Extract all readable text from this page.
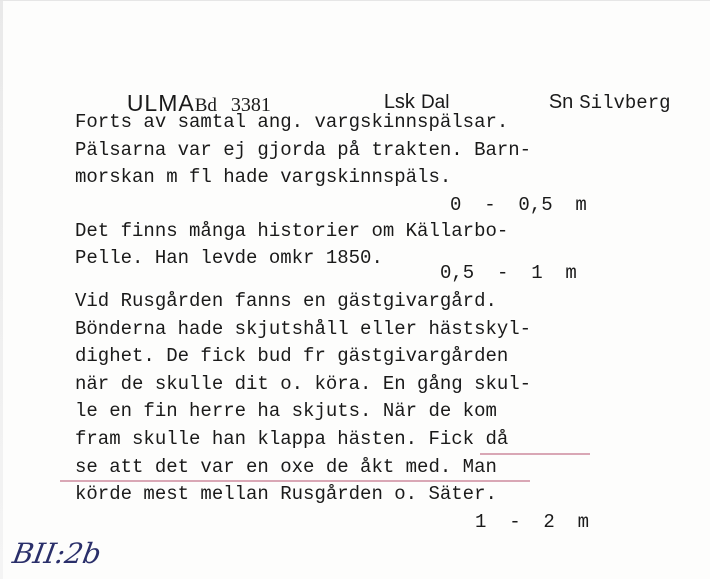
ULMABd 3381
	Lsk Dal
	Sn Silvberg

Forts av samtal ang. vargskinnspälsar.
Pälsarna var ej gjorda på trakten. Barn-
morskan m fl hade vargskinnspäls.
0  -  0,5  m
Det finns många historier om Källarbo-
Pelle. Han levde omkr 1850.
0,5  -  1  m
Vid Rusgården fanns en gästgivargård.
Bönderna hade skjutshåll eller hästskyl-
dighet. De fick bud fr gästgivargården
när de skulle dit o. köra. En gång skul-
le en fin herre ha skjuts. När de kom
fram skulle han klappa hästen. Fick då
se att det var en oxe de åkt med. Man
körde mest mellan Rusgården o. Säter.
1  -  2  m
BII:2b
